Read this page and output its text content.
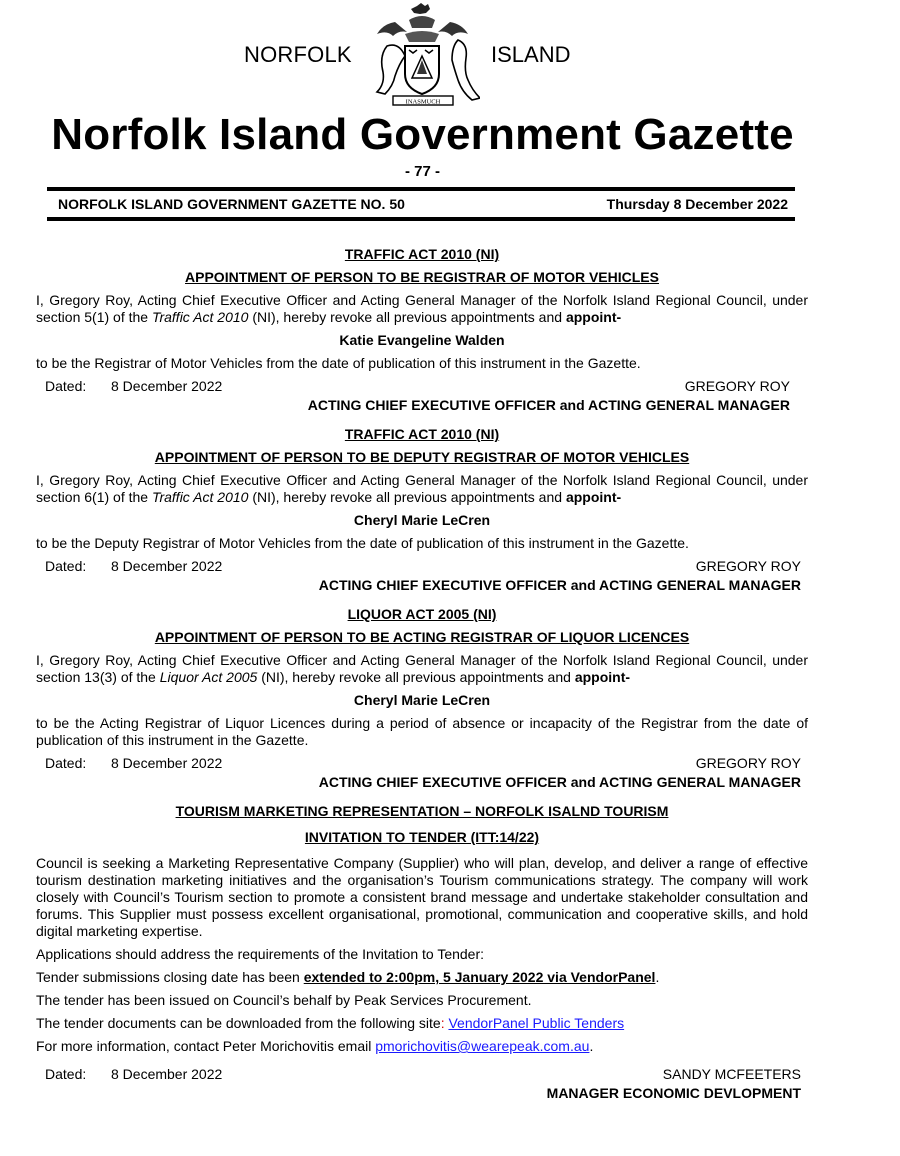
NORFOLK
INASMUCH
ISLAND
Norfolk Island Government Gazette
- 77 -
NORFOLK ISLAND GOVERNMENT GAZETTE NO. 50	Thursday 8 December 2022
TRAFFIC ACT 2010 (NI)
APPOINTMENT OF PERSON TO BE REGISTRAR OF MOTOR VEHICLES
I, Gregory Roy, Acting Chief Executive Officer and Acting General Manager of the Norfolk Island Regional Council, under section 5(1) of the Traffic Act 2010 (NI), hereby revoke all previous appointments and appoint-
Katie Evangeline Walden
to be the Registrar of Motor Vehicles from the date of publication of this instrument in the Gazette.
Dated: 8 December 2022	GREGORY ROY
ACTING CHIEF EXECUTIVE OFFICER and ACTING GENERAL MANAGER
TRAFFIC ACT 2010 (NI)
APPOINTMENT OF PERSON TO BE DEPUTY REGISTRAR OF MOTOR VEHICLES
I, Gregory Roy, Acting Chief Executive Officer and Acting General Manager of the Norfolk Island Regional Council, under section 6(1) of the Traffic Act 2010 (NI), hereby revoke all previous appointments and appoint-
Cheryl Marie LeCren
to be the Deputy Registrar of Motor Vehicles from the date of publication of this instrument in the Gazette.
Dated: 8 December 2022	GREGORY ROY
ACTING CHIEF EXECUTIVE OFFICER and ACTING GENERAL MANAGER
LIQUOR ACT 2005 (NI)
APPOINTMENT OF PERSON TO BE ACTING REGISTRAR OF LIQUOR LICENCES
I, Gregory Roy, Acting Chief Executive Officer and Acting General Manager of the Norfolk Island Regional Council, under section 13(3) of the Liquor Act 2005 (NI), hereby revoke all previous appointments and appoint-
Cheryl Marie LeCren
to be the Acting Registrar of Liquor Licences during a period of absence or incapacity of the Registrar from the date of publication of this instrument in the Gazette.
Dated: 8 December 2022	GREGORY ROY
ACTING CHIEF EXECUTIVE OFFICER and ACTING GENERAL MANAGER
TOURISM MARKETING REPRESENTATION – NORFOLK ISALND TOURISM
INVITATION TO TENDER (ITT:14/22)
Council is seeking a Marketing Representative Company (Supplier) who will plan, develop, and deliver a range of effective tourism destination marketing initiatives and the organisation’s Tourism communications strategy. The company will work closely with Council’s Tourism section to promote a consistent brand message and undertake stakeholder consultation and forums. This Supplier must possess excellent organisational, promotional, communication and cooperative skills, and hold digital marketing expertise.
Applications should address the requirements of the Invitation to Tender:
Tender submissions closing date has been extended to 2:00pm, 5 January 2022 via VendorPanel.
The tender has been issued on Council’s behalf by Peak Services Procurement.
The tender documents can be downloaded from the following site: VendorPanel Public Tenders
For more information, contact Peter Morichovitis email pmorichovitis@wearepeak.com.au.
Dated: 8 December 2022	SANDY MCFEETERS
MANAGER ECONOMIC DEVLOPMENT
